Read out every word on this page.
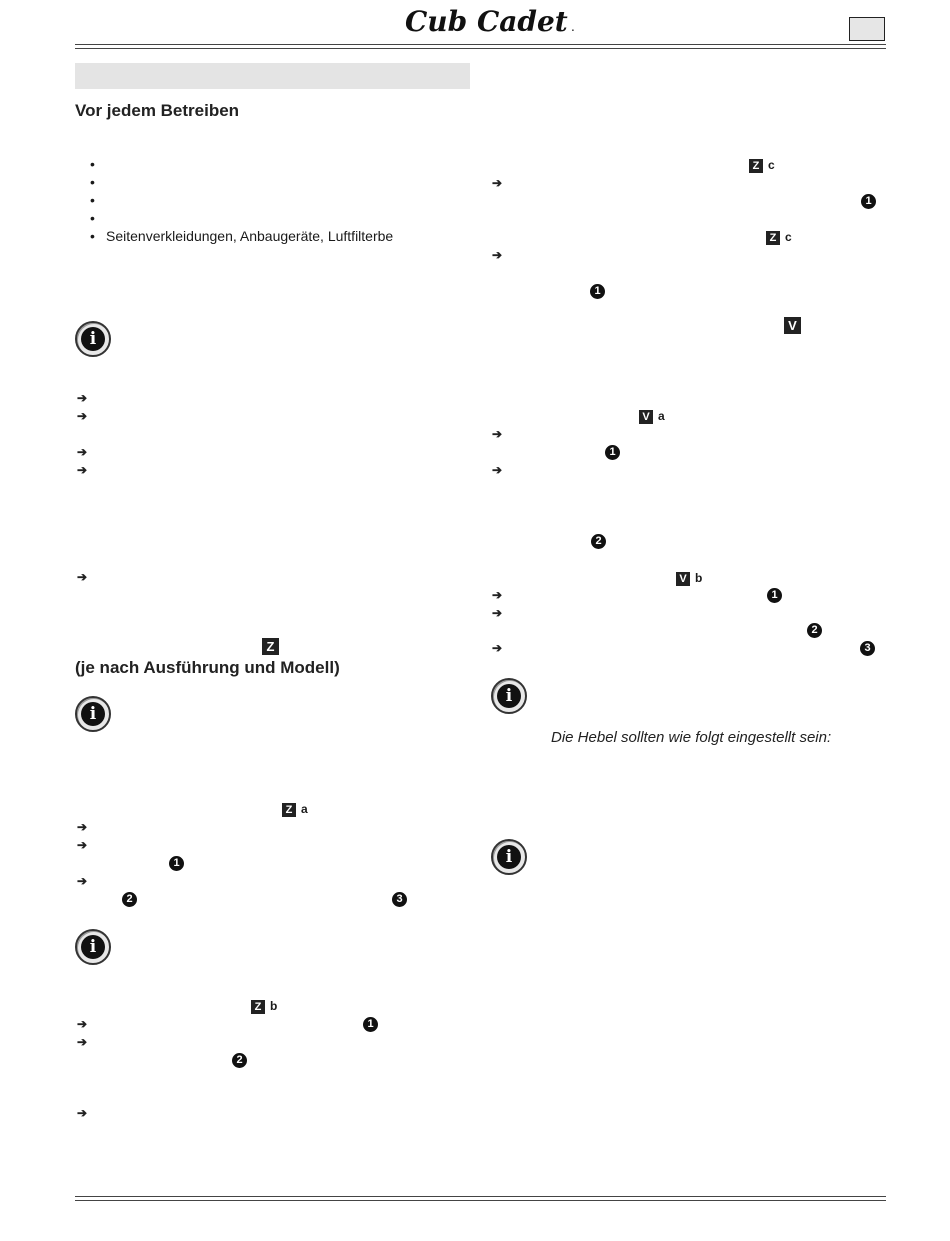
Cub Cadet .
Vor jedem Betreiben
•
•
•
•
• Seitenverkleidungen, Anbaugeräte, Luftfilterbe
i
i
i
➔
➔
➔
➔
➔
➔
➔
➔
➔
➔
➔
Z
(je nach Ausführung und Modell)
Z a
1
2	3
Z b
1
2
Z c
➔
1
Z c
➔
1
V
V a
➔
1
➔
2
V b
➔	1
➔
2
➔	3
i
Die Hebel sollten wie folgt eingestellt sein:
i
